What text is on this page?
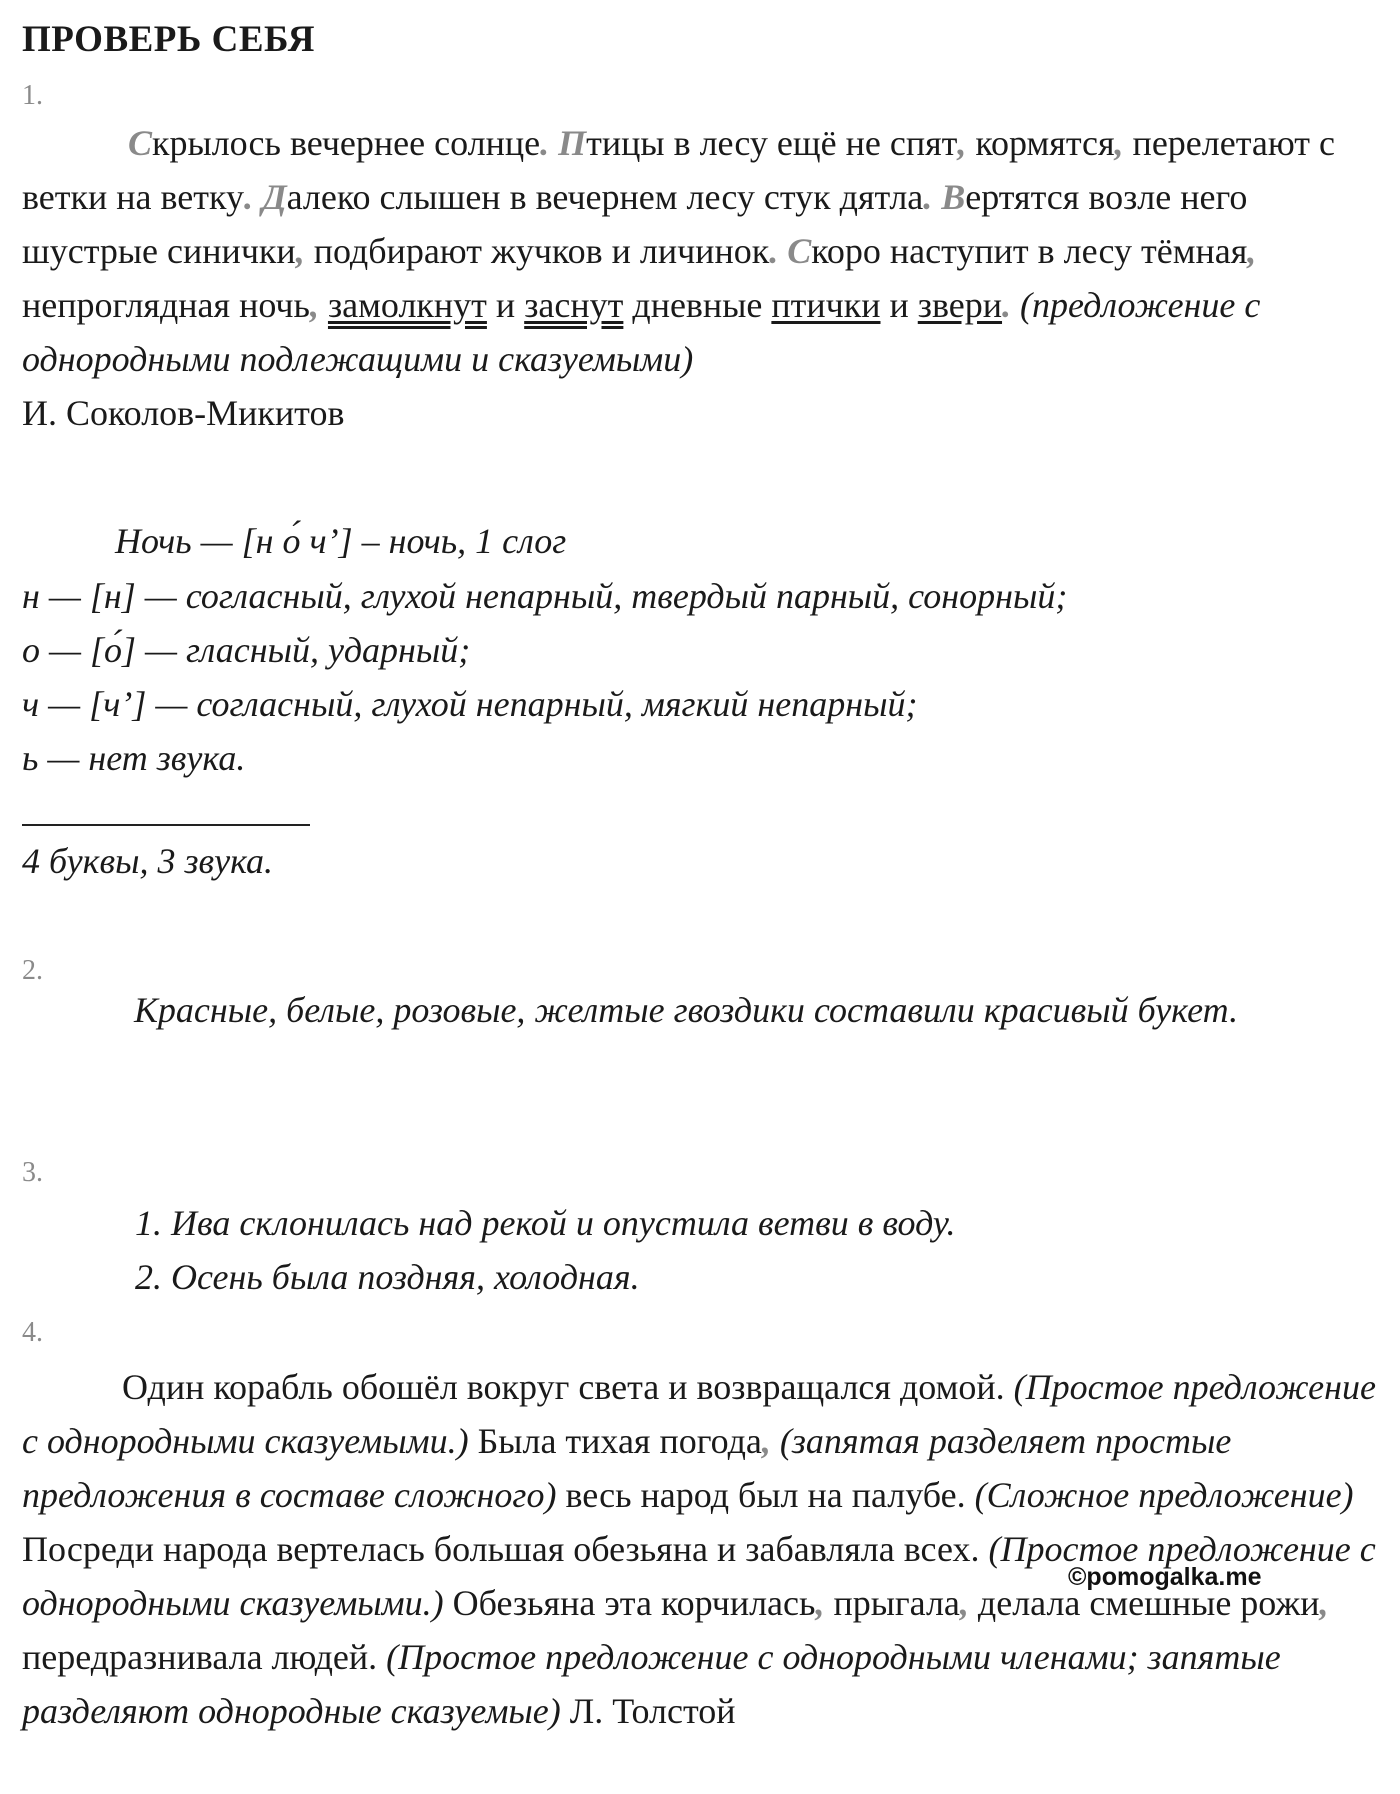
ПРОВЕРЬ СЕБЯ
1.

Скрылось вечернее солнце. Птицы в лесу ещё не спят, кормятся, перелетают с ветки на ветку. Далеко слышен в вечернем лесу стук дятла. Вертятся возле него шустрые синички, подбирают жучков и личинок. Скоро наступит в лесу тёмная, непроглядная ночь, замолкнут и заснут дневные птички и звери. (предложение с однородными подлежащими и сказуемыми)
И. Соколов-Микитов

Ночь — [н о́ ч’] – ночь, 1 слог
н — [н] — согласный, глухой непарный, твердый парный, сонорный;
о — [о́] — гласный, ударный;
ч — [ч’] — согласный, глухой непарный, мягкий непарный;
ь — нет звука.
4 буквы, 3 звука.
2.

Красные, белые, розовые, желтые гвоздики составили красивый букет.

3.
1. Ива склонилась над рекой и опустила ветви в воду.
2. Осень была поздняя, холодная.
4.

Один корабль обошёл вокруг света и возвращался домой. (Простое предложение с однородными сказуемыми.) Была тихая погода, (запятая разделяет простые предложения в составе сложного) весь народ был на палубе. (Сложное предложение) Посреди народа вертелась большая обезьяна и забавляла всех. (Простое предложение с однородными сказуемыми.) Обезьяна эта корчилась, прыгала, делала смешные рожи, передразнивала людей. (Простое предложение с однородными членами; запятые разделяют однородные сказуемые) Л. Толстой

©pomogalka.me
